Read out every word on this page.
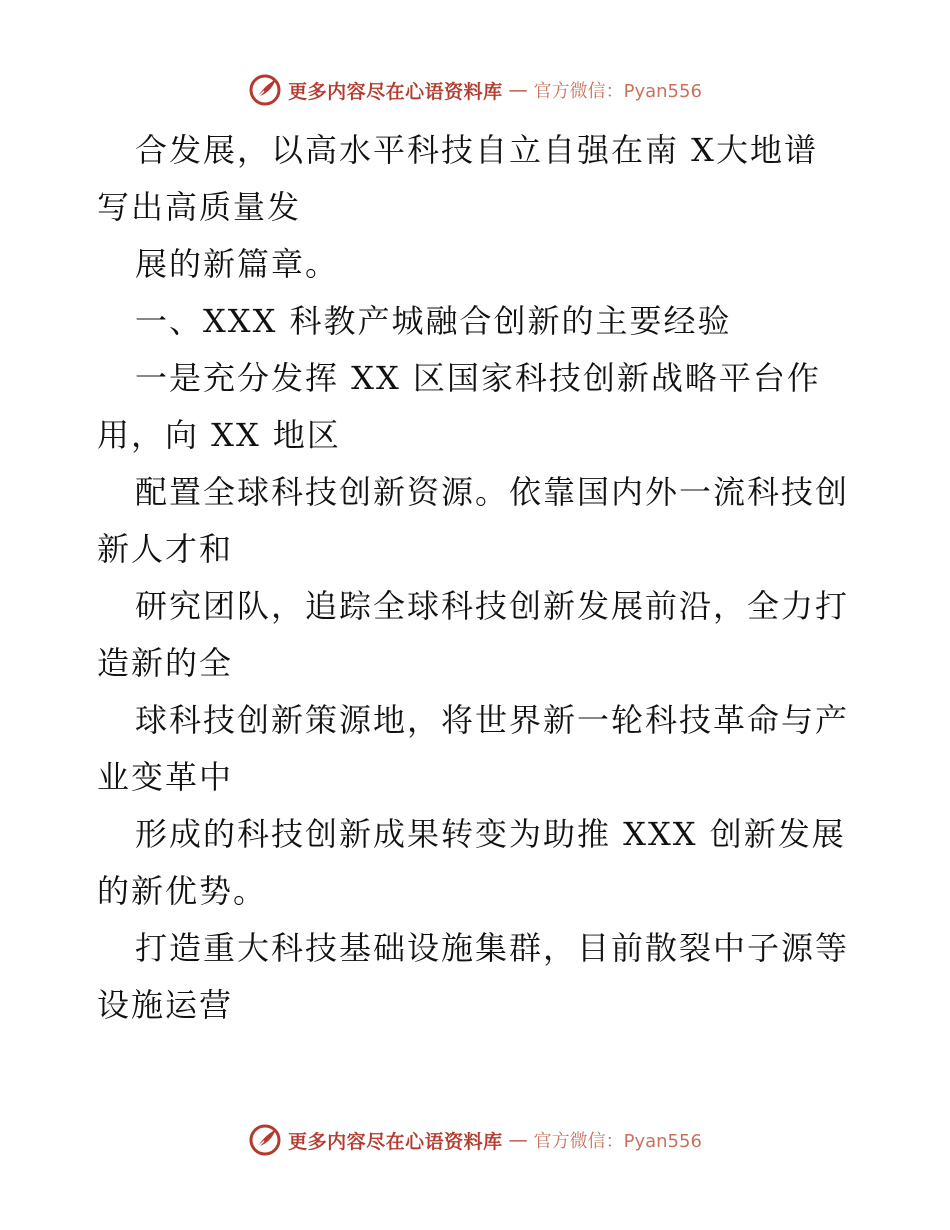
更多内容尽在心语资料库 — 官方微信：Pyan556
合发展，以高水平科技自立自强在南 X大地谱
写出高质量发
展的新篇章。
一、XXX 科教产城融合创新的主要经验
一是充分发挥 XX 区国家科技创新战略平台作
用，向 XX 地区
配置全球科技创新资源。依靠国内外一流科技创
新人才和
研究团队，追踪全球科技创新发展前沿，全力打
造新的全
球科技创新策源地，将世界新一轮科技革命与产
业变革中
形成的科技创新成果转变为助推 XXX 创新发展
的新优势。
打造重大科技基础设施集群，目前散裂中子源等
设施运营
更多内容尽在心语资料库 — 官方微信：Pyan556
